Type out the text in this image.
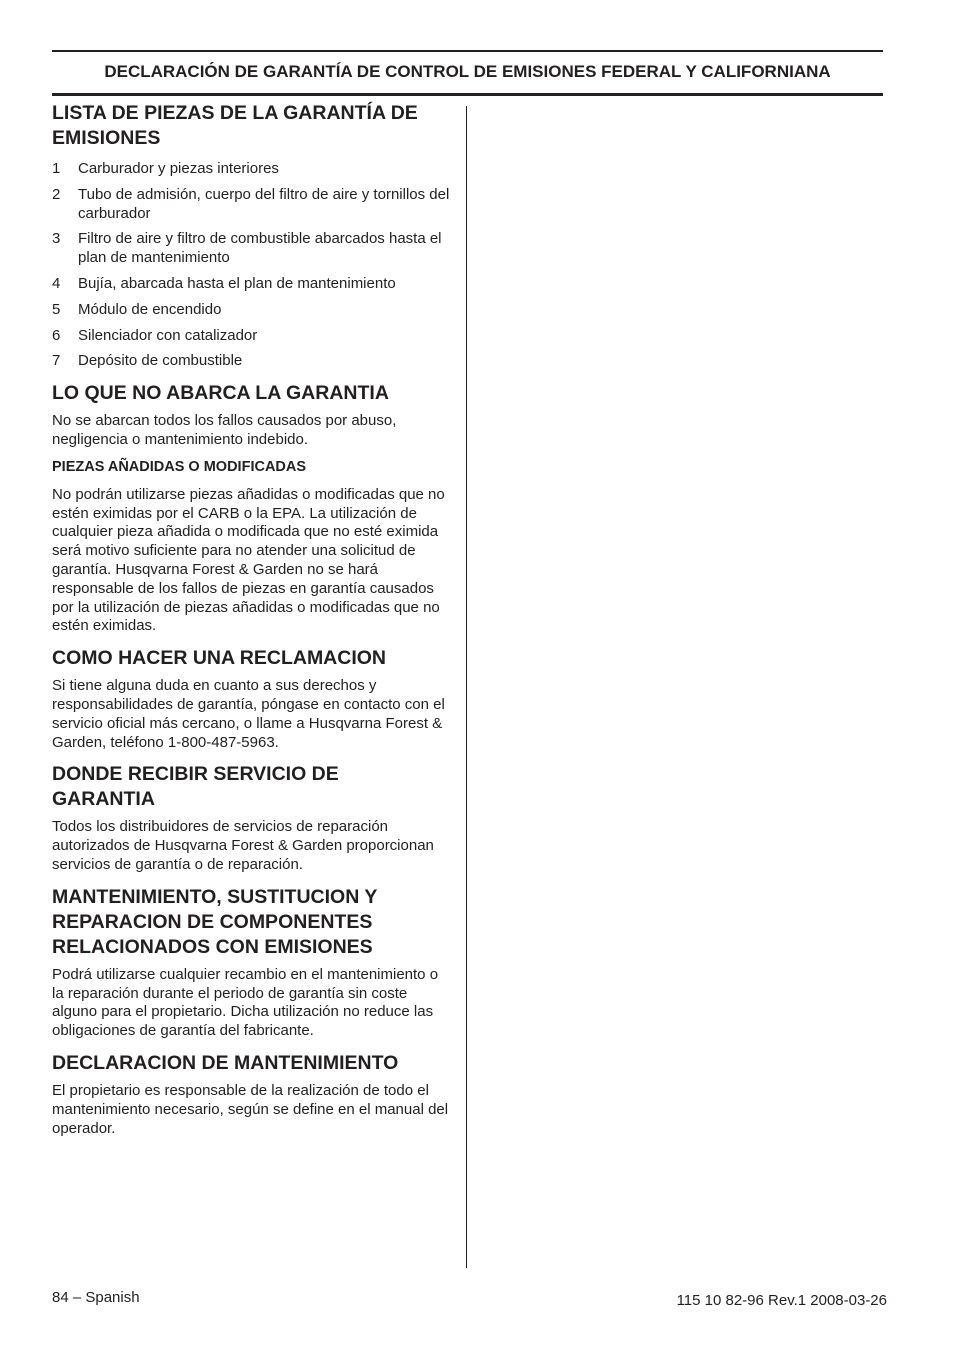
DECLARACIÓN DE GARANTÍA DE CONTROL DE EMISIONES FEDERAL Y CALIFORNIANA
LISTA DE PIEZAS DE LA GARANTÍA DE EMISIONES
1	Carburador y piezas interiores
2	Tubo de admisión, cuerpo del filtro de aire y tornillos del carburador
3	Filtro de aire y filtro de combustible abarcados hasta el plan de mantenimiento
4	Bujía, abarcada hasta el plan de mantenimiento
5	Módulo de encendido
6	Silenciador con catalizador
7	Depósito de combustible
LO QUE NO ABARCA LA GARANTIA

No se abarcan todos los fallos causados por abuso, negligencia o mantenimiento indebido.

PIEZAS AÑADIDAS O MODIFICADAS

No podrán utilizarse piezas añadidas o modificadas que no estén eximidas por el CARB o la EPA. La utilización de cualquier pieza añadida o modificada que no esté eximida será motivo suficiente para no atender una solicitud de garantía. Husqvarna Forest & Garden no se hará responsable de los fallos de piezas en garantía causados por la utilización de piezas añadidas o modificadas que no estén eximidas.

COMO HACER UNA RECLAMACION

Si tiene alguna duda en cuanto a sus derechos y responsabilidades de garantía, póngase en contacto con el servicio oficial más cercano, o llame a Husqvarna Forest & Garden, teléfono 1-800-487-5963.

DONDE RECIBIR SERVICIO DE GARANTIA

Todos los distribuidores de servicios de reparación autorizados de Husqvarna Forest & Garden proporcionan servicios de garantía o de reparación.

MANTENIMIENTO, SUSTITUCION Y REPARACION DE COMPONENTES RELACIONADOS CON EMISIONES

Podrá utilizarse cualquier recambio en el mantenimiento o la reparación durante el periodo de garantía sin coste alguno para el propietario. Dicha utilización no reduce las obligaciones de garantía del fabricante.

DECLARACION DE MANTENIMIENTO

El propietario es responsable de la realización de todo el mantenimiento necesario, según se define en el manual del operador.

84 – Spanish	115 10 82-96 Rev.1 2008-03-26
